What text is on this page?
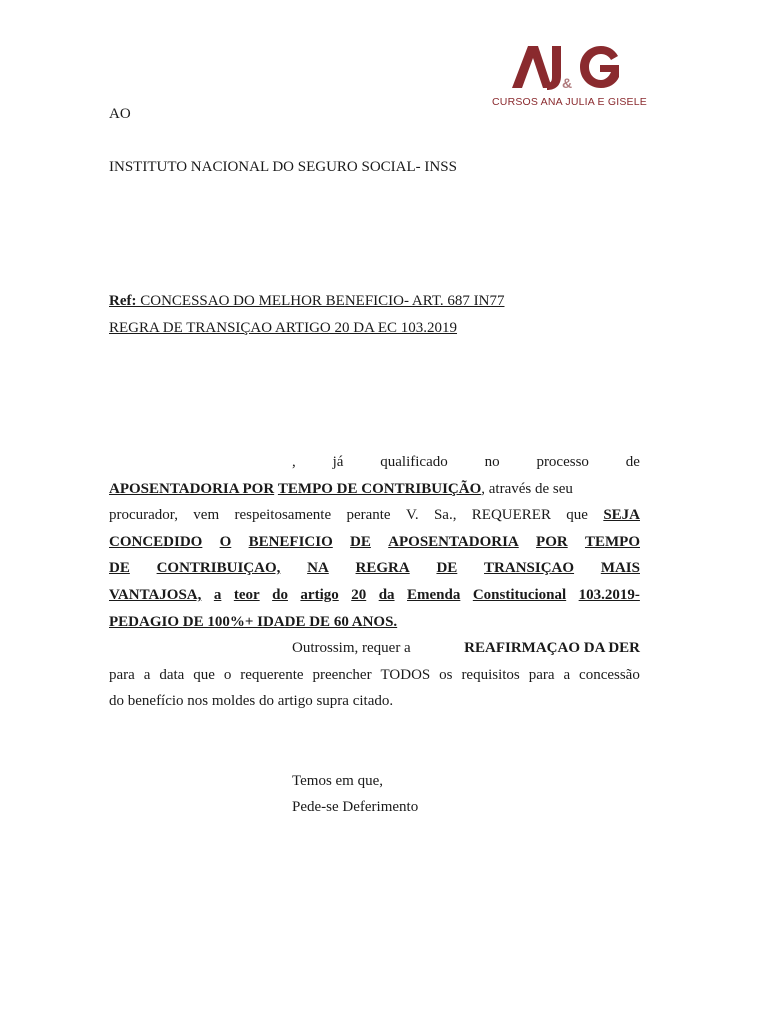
&
CURSOS ANA JULIA E GISELE
AO
INSTITUTO NACIONAL DO SEGURO SOCIAL- INSS
Ref: CONCESSAO DO MELHOR BENEFICIO- ART. 687 IN77
REGRA DE TRANSIÇAO ARTIGO 20 DA EC 103.2019
, já qualificado no processo de
APOSENTADORIA POR
TEMPO DE CONTRIBUIÇÃO , através de seu
procurador, vem respeitosamente perante V. Sa., REQUERER que SEJA
CONCEDIDO O BENEFICIO DE APOSENTADORIA POR TEMPO
DE CONTRIBUIÇAO, NA REGRA DE TRANSIÇAO MAIS
VANTAJOSA, a teor do artigo 20 da Emenda Constitucional 103.2019-
PEDAGIO DE 100%+ IDADE DE 60 ANOS.
Outrossim, requer a	REAFIRMAÇAO DA DER
para a data que o requerente preencher TODOS os requisitos para a concessão
do benefício nos moldes do artigo supra citado.
Temos em que,
Pede-se Deferimento
